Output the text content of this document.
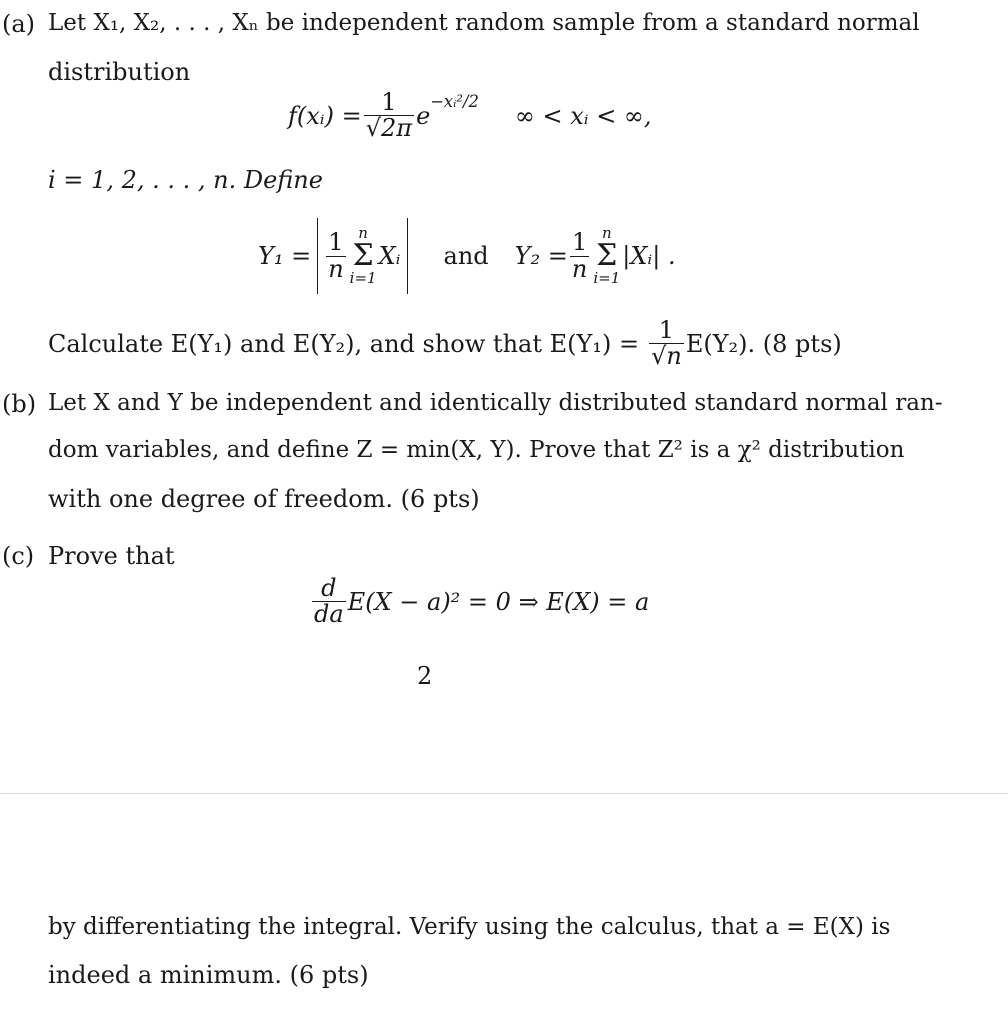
(a) Let X₁, X₂, . . . , Xₙ be independent random sample from a standard normal
distribution
f(xᵢ) = $\frac{1}{√2\pi}$ e
$^{-xᵢ^2/2}$
∞ < xᵢ < ∞,
i = 1, 2, . . . , n. Define
$Y_1 = \frac{1}{n}$ n
Σ
i=1
Xᵢ and $Y_2 = \frac{1}{n}$ n
Σ
i=1
|Xᵢ| .
Calculate E(Y₁) and E(Y₂), and show that $E(Y_1) = \frac{1}{√n} E(Y_2)$. (8 pts)
(b) Let X and Y be independent and identically distributed standard normal ran-
dom variables, and define Z = min(X, Y). Prove that Z² is a χ² distribution
with one degree of freedom. (6 pts)
(c) Prove that
$\frac{d}{da} E(X - a)^2 = 0$ ⇒ E(X) = a
2
by differentiating the integral. Verify using the calculus, that a = E(X) is
indeed a minimum. (6 pts)
